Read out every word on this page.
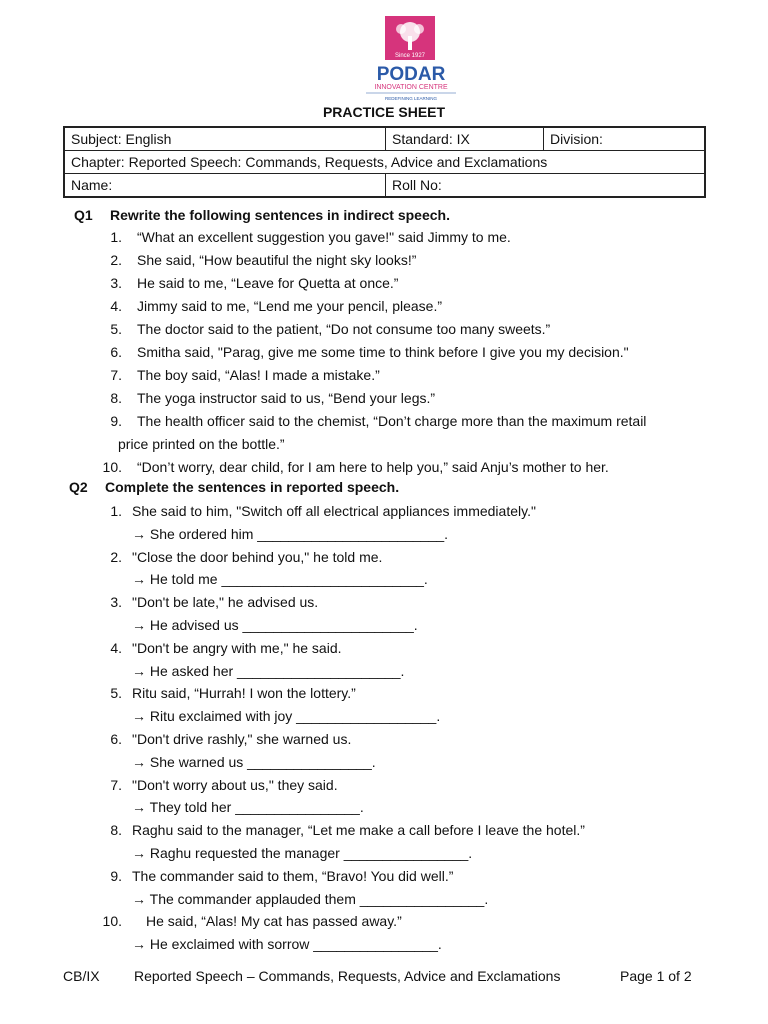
Since 1927
PODAR
INNOVATION CENTRE
REDEFINING LEARNING
PRACTICE SHEET
Subject: English	Standard: IX	Division:
Chapter: Reported Speech: Commands, Requests, Advice and Exclamations		
Name:	Roll No:	
Q1 Rewrite the following sentences in indirect speech.
1. “What an excellent suggestion you gave!" said Jimmy to me.
2. She said, “How beautiful the night sky looks!”
3. He said to me, “Leave for Quetta at once.”
4. Jimmy said to me, “Lend me your pencil, please.”
5. The doctor said to the patient, “Do not consume too many sweets.”
6. Smitha said, "Parag, give me some time to think before I give you my decision."
7. The boy said, “Alas! I made a mistake.”
8. The yoga instructor said to us, “Bend your legs.”
9. The health officer said to the chemist, “Don’t charge more than the maximum retail
price printed on the bottle.”
10. “Don’t worry, dear child, for I am here to help you,” said Anju’s mother to her.
Q2 Complete the sentences in reported speech.
1. She said to him, "Switch off all electrical appliances immediately."
→ She ordered him ________________________.
2. "Close the door behind you," he told me.
→ He told me __________________________.
3. "Don't be late," he advised us.
→ He advised us ______________________.
4. "Don't be angry with me," he said.
→ He asked her _____________________.
5. Ritu said, “Hurrah! I won the lottery.”
→ Ritu exclaimed with joy __________________.
6. "Don't drive rashly," she warned us.
→ She warned us ________________.
7. "Don't worry about us," they said.
→ They told her ________________.
8. Raghu said to the manager, “Let me make a call before I leave the hotel.”
→ Raghu requested the manager ________________.
9. The commander said to them, “Bravo! You did well.”
→ The commander applauded them ________________.
10. He said, “Alas! My cat has passed away.”
→ He exclaimed with sorrow ________________.
CB/IX Reported Speech – Commands, Requests, Advice and Exclamations	Page 1 of 2
